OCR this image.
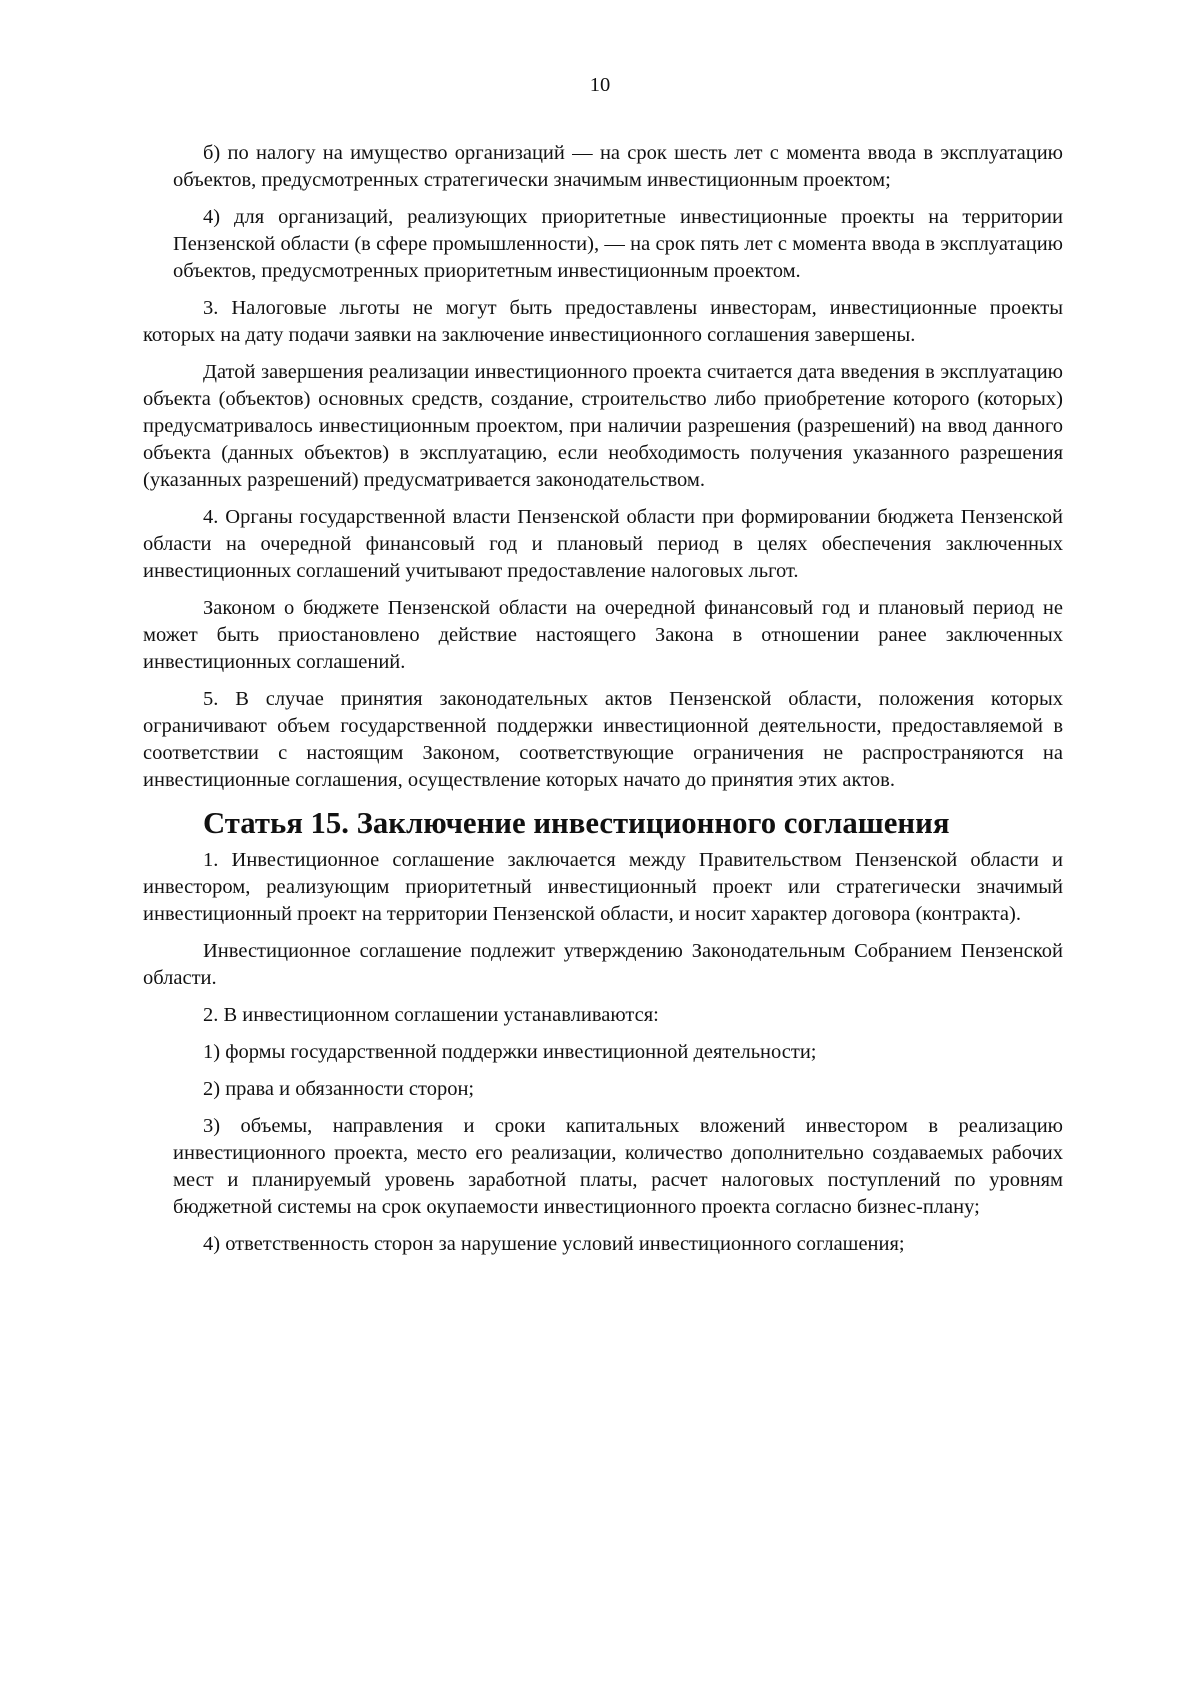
10

б) по налогу на имущество организаций — на срок шесть лет с момента ввода в эксплуатацию объектов, предусмотренных стратегически значимым инвестиционным проектом;

4) для организаций, реализующих приоритетные инвестиционные проекты на территории Пензенской области (в сфере промышленности), — на срок пять лет с момента ввода в эксплуатацию объектов, предусмотренных приоритетным инвестиционным проектом.

3. Налоговые льготы не могут быть предоставлены инвесторам, инвестиционные проекты которых на дату подачи заявки на заключение инвестиционного соглашения завершены.

Датой завершения реализации инвестиционного проекта считается дата введения в эксплуатацию объекта (объектов) основных средств, создание, строительство либо приобретение которого (которых) предусматривалось инвестиционным проектом, при наличии разрешения (разрешений) на ввод данного объекта (данных объектов) в эксплуатацию, если необходимость получения указанного разрешения (указанных разрешений) предусматривается законодательством.

4. Органы государственной власти Пензенской области при формировании бюджета Пензенской области на очередной финансовый год и плановый период в целях обеспечения заключенных инвестиционных соглашений учитывают предоставление налоговых льгот.

Законом о бюджете Пензенской области на очередной финансовый год и плановый период не может быть приостановлено действие настоящего Закона в отношении ранее заключенных инвестиционных соглашений.

5. В случае принятия законодательных актов Пензенской области, положения которых ограничивают объем государственной поддержки инвестиционной деятельности, предоставляемой в соответствии с настоящим Законом, соответствующие ограничения не распространяются на инвестиционные соглашения, осуществление которых начато до принятия этих актов.

Статья 15. Заключение инвестиционного соглашения

1. Инвестиционное соглашение заключается между Правительством Пензенской области и инвестором, реализующим приоритетный инвестиционный проект или стратегически значимый инвестиционный проект на территории Пензенской области, и носит характер договора (контракта).

Инвестиционное соглашение подлежит утверждению Законодательным Собранием Пензенской области.

2. В инвестиционном соглашении устанавливаются:

1) формы государственной поддержки инвестиционной деятельности;

2) права и обязанности сторон;

3) объемы, направления и сроки капитальных вложений инвестором в реализацию инвестиционного проекта, место его реализации, количество дополнительно создаваемых рабочих мест и планируемый уровень заработной платы, расчет налоговых поступлений по уровням бюджетной системы на срок окупаемости инвестиционного проекта согласно бизнес-плану;

4) ответственность сторон за нарушение условий инвестиционного соглашения;
